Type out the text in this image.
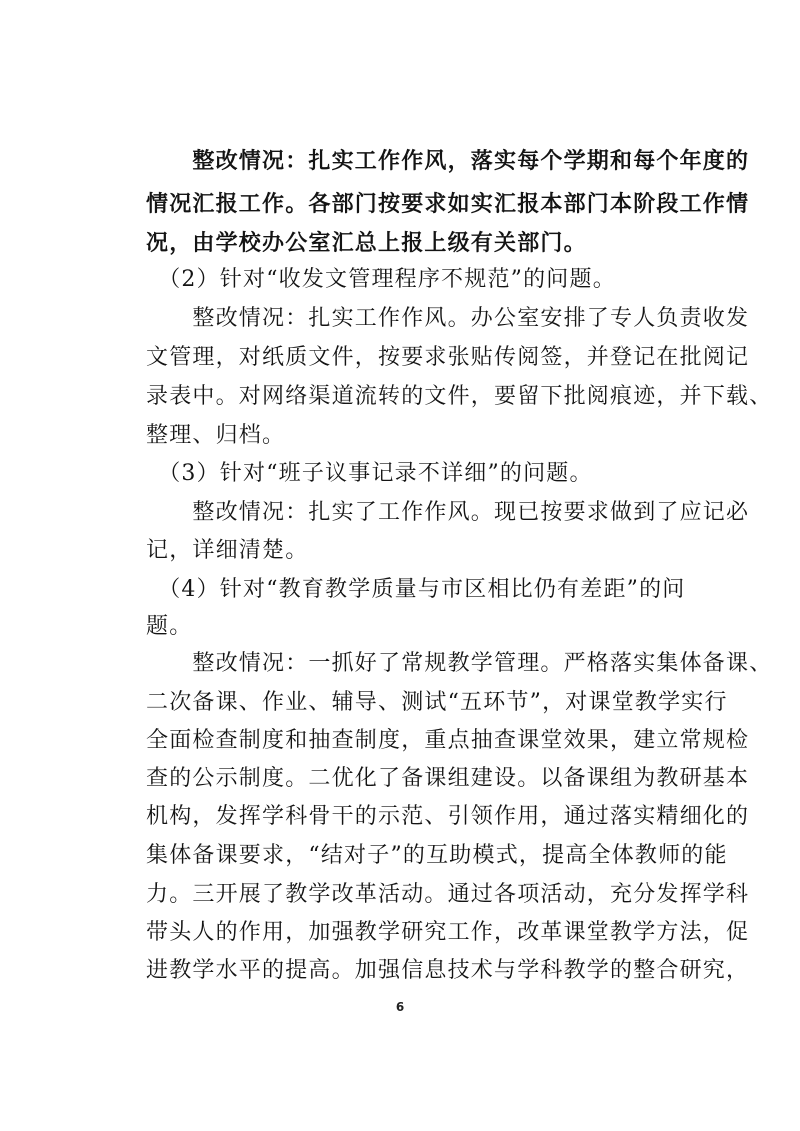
　　整改情况：扎实工作作风，落实每个学期和每个年度的
情况汇报工作。各部门按要求如实汇报本部门本阶段工作情
况，由学校办公室汇总上报上级有关部门。
　（2）针对“收发文管理程序不规范”的问题。
　　整改情况：扎实工作作风。办公室安排了专人负责收发
文管理，对纸质文件，按要求张贴传阅签，并登记在批阅记
录表中。对网络渠道流转的文件，要留下批阅痕迹，并下载、
整理、归档。
　（3）针对“班子议事记录不详细”的问题。
　　整改情况：扎实了工作作风。现已按要求做到了应记必
记，详细清楚。
　（4）针对“教育教学质量与市区相比仍有差距”的问
题。
　　整改情况：一抓好了常规教学管理。严格落实集体备课、
二次备课、作业、辅导、测试“五环节”，对课堂教学实行
全面检查制度和抽查制度，重点抽查课堂效果，建立常规检
查的公示制度。二优化了备课组建设。以备课组为教研基本
机构，发挥学科骨干的示范、引领作用，通过落实精细化的
集体备课要求，“结对子”的互助模式，提高全体教师的能
力。三开展了教学改革活动。通过各项活动，充分发挥学科
带头人的作用，加强教学研究工作，改革课堂教学方法，促
进教学水平的提高。加强信息技术与学科教学的整合研究，
6
